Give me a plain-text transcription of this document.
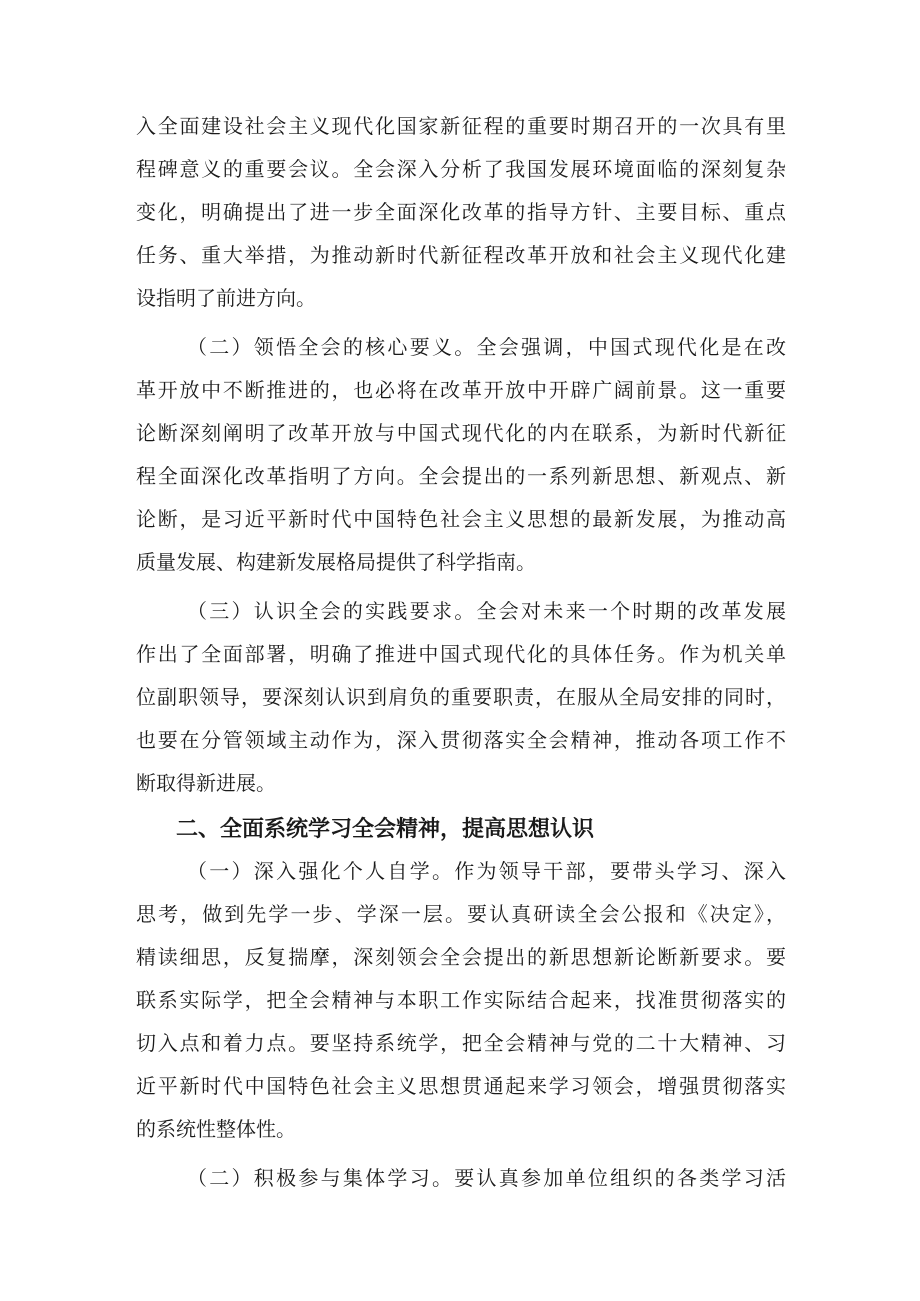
入全面建设社会主义现代化国家新征程的重要时期召开的一次具有里
程碑意义的重要会议。全会深入分析了我国发展环境面临的深刻复杂
变化，明确提出了进一步全面深化改革的指导方针、主要目标、重点
任务、重大举措，为推动新时代新征程改革开放和社会主义现代化建
设指明了前进方向。
（二）领悟全会的核心要义。全会强调，中国式现代化是在改
革开放中不断推进的，也必将在改革开放中开辟广阔前景。这一重要
论断深刻阐明了改革开放与中国式现代化的内在联系，为新时代新征
程全面深化改革指明了方向。全会提出的一系列新思想、新观点、新
论断，是习近平新时代中国特色社会主义思想的最新发展，为推动高
质量发展、构建新发展格局提供了科学指南。
（三）认识全会的实践要求。全会对未来一个时期的改革发展
作出了全面部署，明确了推进中国式现代化的具体任务。作为机关单
位副职领导，要深刻认识到肩负的重要职责，在服从全局安排的同时，
也要在分管领域主动作为，深入贯彻落实全会精神，推动各项工作不
断取得新进展。
二、全面系统学习全会精神，提高思想认识
（一）深入强化个人自学。作为领导干部，要带头学习、深入
思考，做到先学一步、学深一层。要认真研读全会公报和《决定》，
精读细思，反复揣摩，深刻领会全会提出的新思想新论断新要求。要
联系实际学，把全会精神与本职工作实际结合起来，找准贯彻落实的
切入点和着力点。要坚持系统学，把全会精神与党的二十大精神、习
近平新时代中国特色社会主义思想贯通起来学习领会，增强贯彻落实
的系统性整体性。
（二）积极参与集体学习。要认真参加单位组织的各类学习活
